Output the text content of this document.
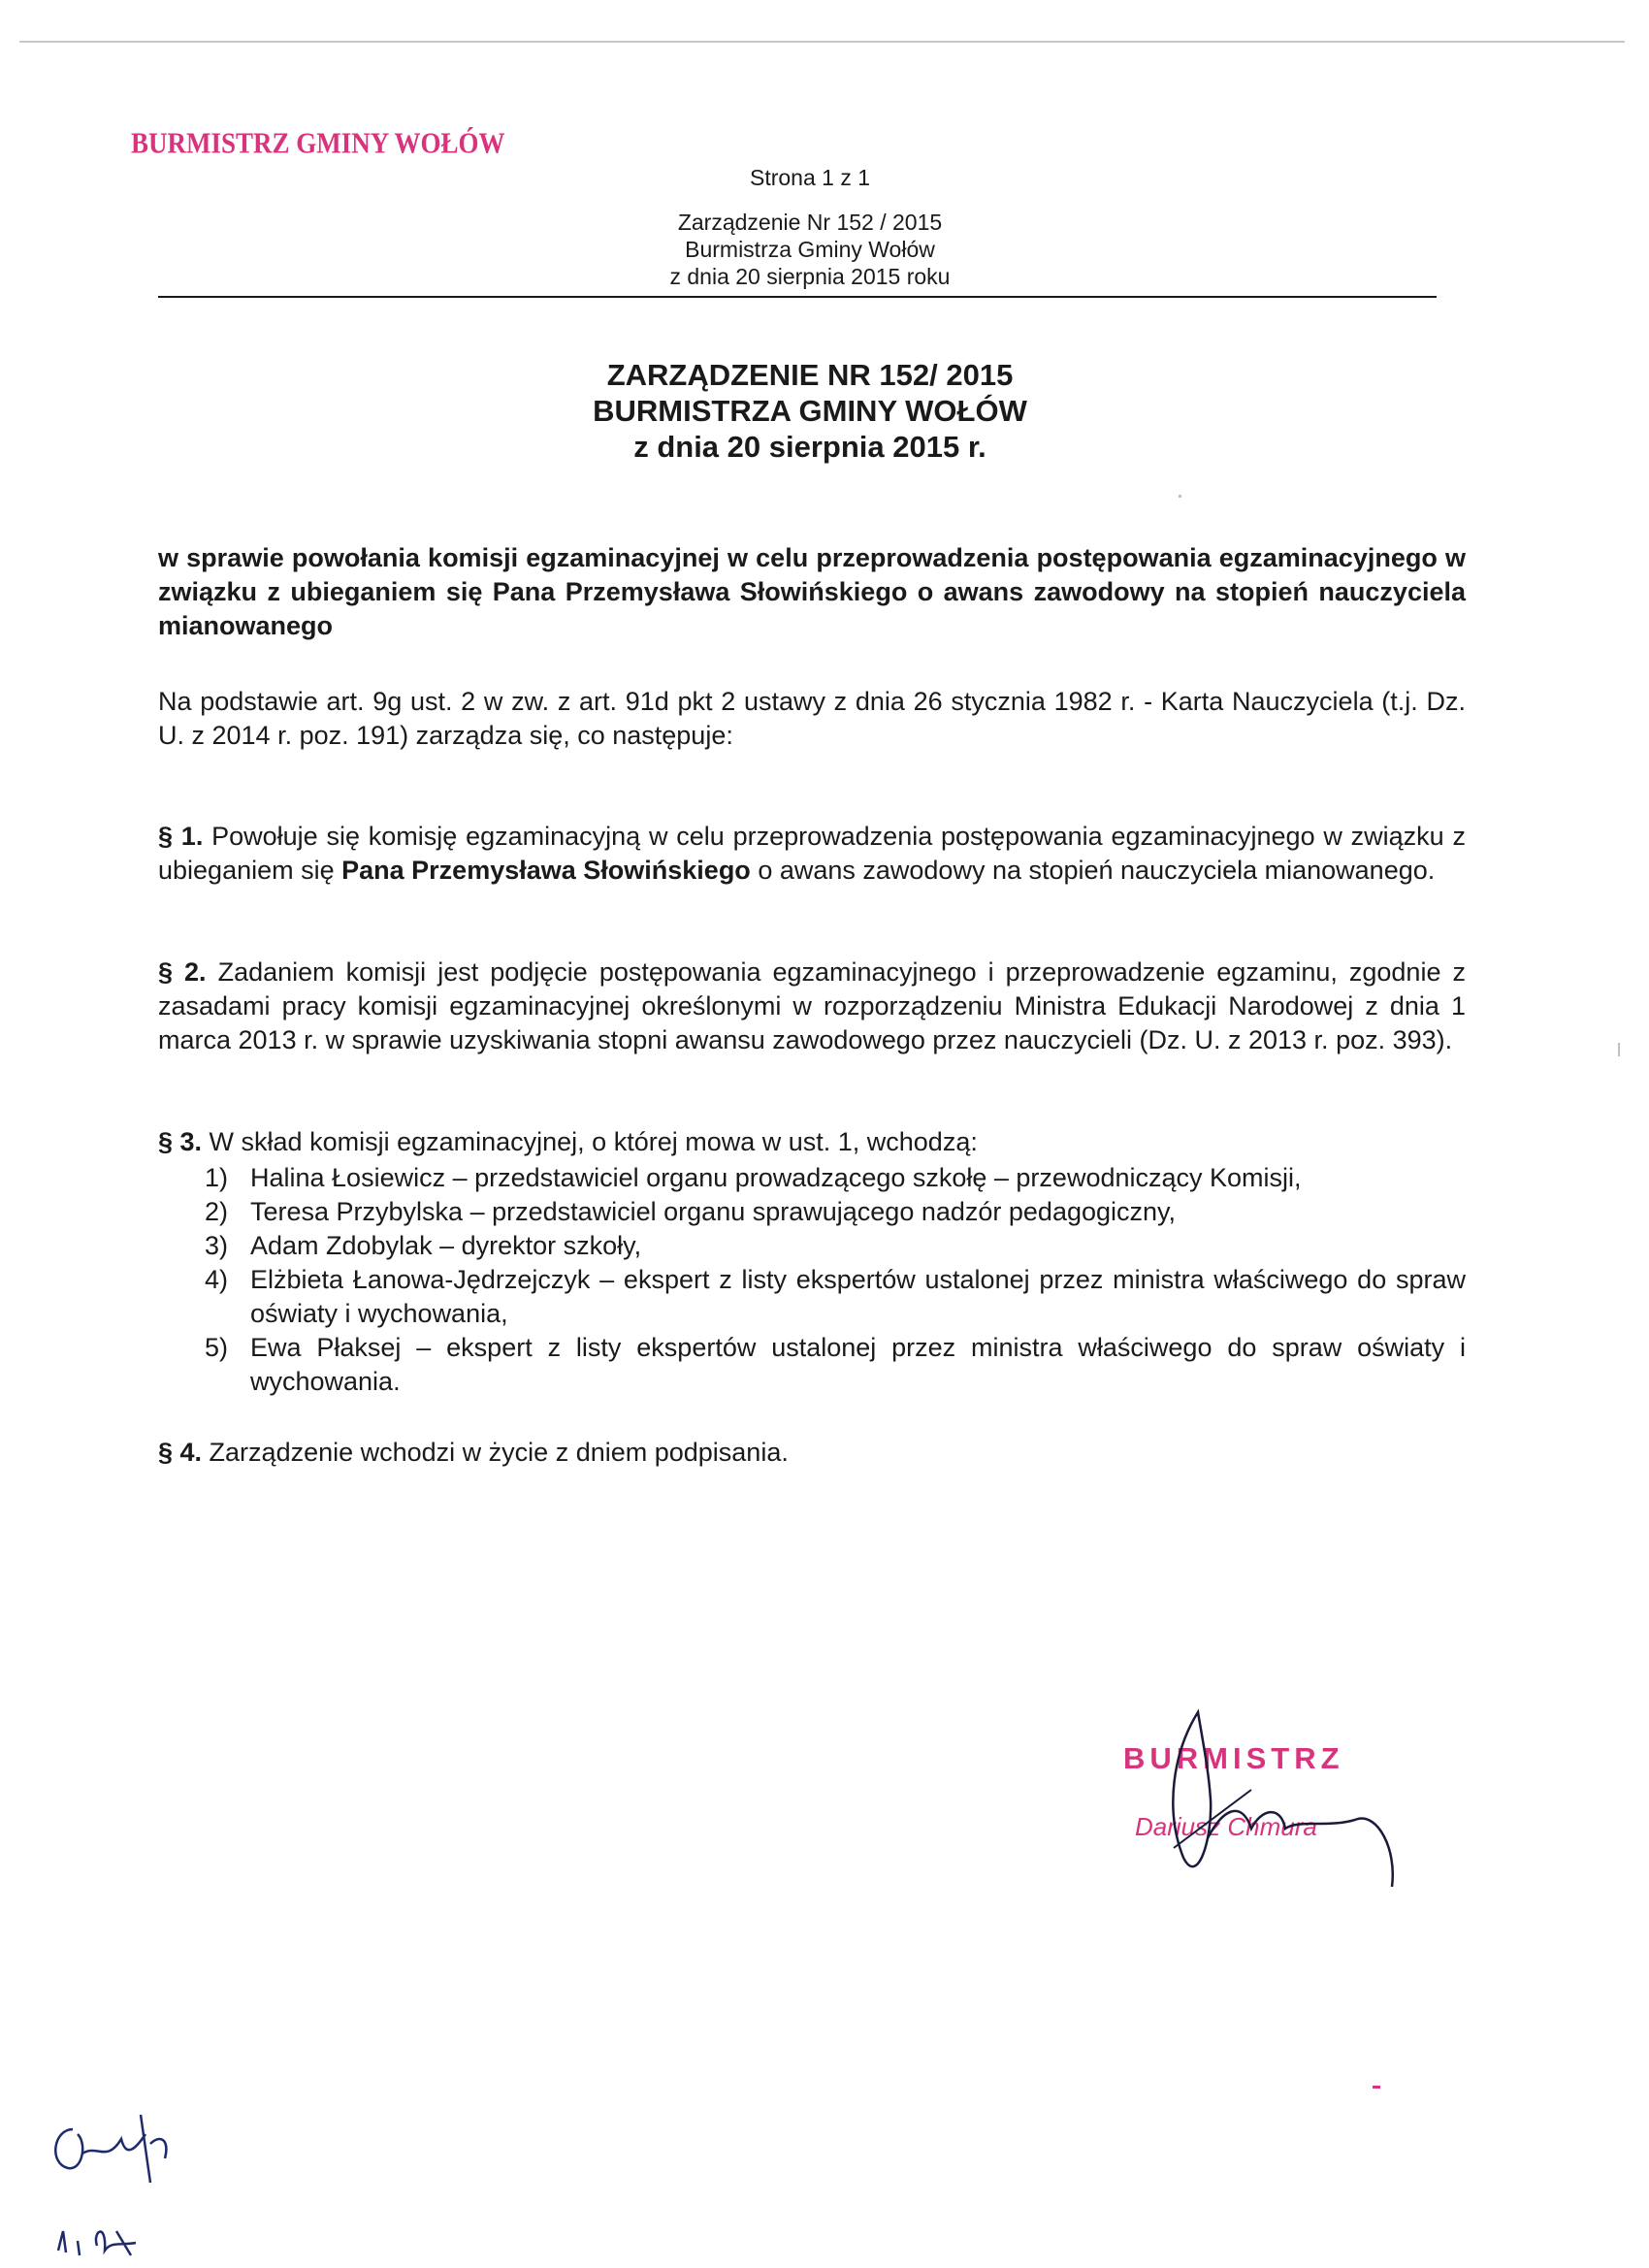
BURMISTRZ GMINY WOŁÓW
Strona 1 z 1
Zarządzenie Nr 152 / 2015
Burmistrza Gminy Wołów
z dnia 20 sierpnia 2015 roku
ZARZĄDZENIE NR 152/ 2015
BURMISTRZA GMINY WOŁÓW
z dnia 20 sierpnia 2015 r.
w sprawie powołania komisji egzaminacyjnej w celu przeprowadzenia postępowania egzaminacyjnego w związku z ubieganiem się Pana Przemysława Słowińskiego o awans zawodowy na stopień nauczyciela mianowanego
Na podstawie art. 9g ust. 2 w zw. z art. 91d pkt 2 ustawy z dnia 26 stycznia 1982 r. - Karta Nauczyciela (t.j. Dz. U. z 2014 r. poz. 191) zarządza się, co następuje:
§ 1. Powołuje się komisję egzaminacyjną w celu przeprowadzenia postępowania egzaminacyjnego w związku z ubieganiem się Pana Przemysława Słowińskiego o awans zawodowy na stopień nauczyciela mianowanego.
§ 2. Zadaniem komisji jest podjęcie postępowania egzaminacyjnego i przeprowadzenie egzaminu, zgodnie z zasadami pracy komisji egzaminacyjnej określonymi w rozporządzeniu Ministra Edukacji Narodowej z dnia 1 marca 2013 r. w sprawie uzyskiwania stopni awansu zawodowego przez nauczycieli (Dz. U. z 2013 r. poz. 393).
§ 3. W skład komisji egzaminacyjnej, o której mowa w ust. 1, wchodzą:
1) Halina Łosiewicz – przedstawiciel organu prowadzącego szkołę – przewodniczący Komisji,
2) Teresa Przybylska – przedstawiciel organu sprawującego nadzór pedagogiczny,
3) Adam Zdobylak – dyrektor szkoły,
4) Elżbieta Łanowa-Jędrzejczyk – ekspert z listy ekspertów ustalonej przez ministra właściwego do spraw oświaty i wychowania,
5) Ewa Płaksej – ekspert z listy ekspertów ustalonej przez ministra właściwego do spraw oświaty i wychowania.
§ 4. Zarządzenie wchodzi w życie z dniem podpisania.
BURMISTRZ
Dariusz Chmura
